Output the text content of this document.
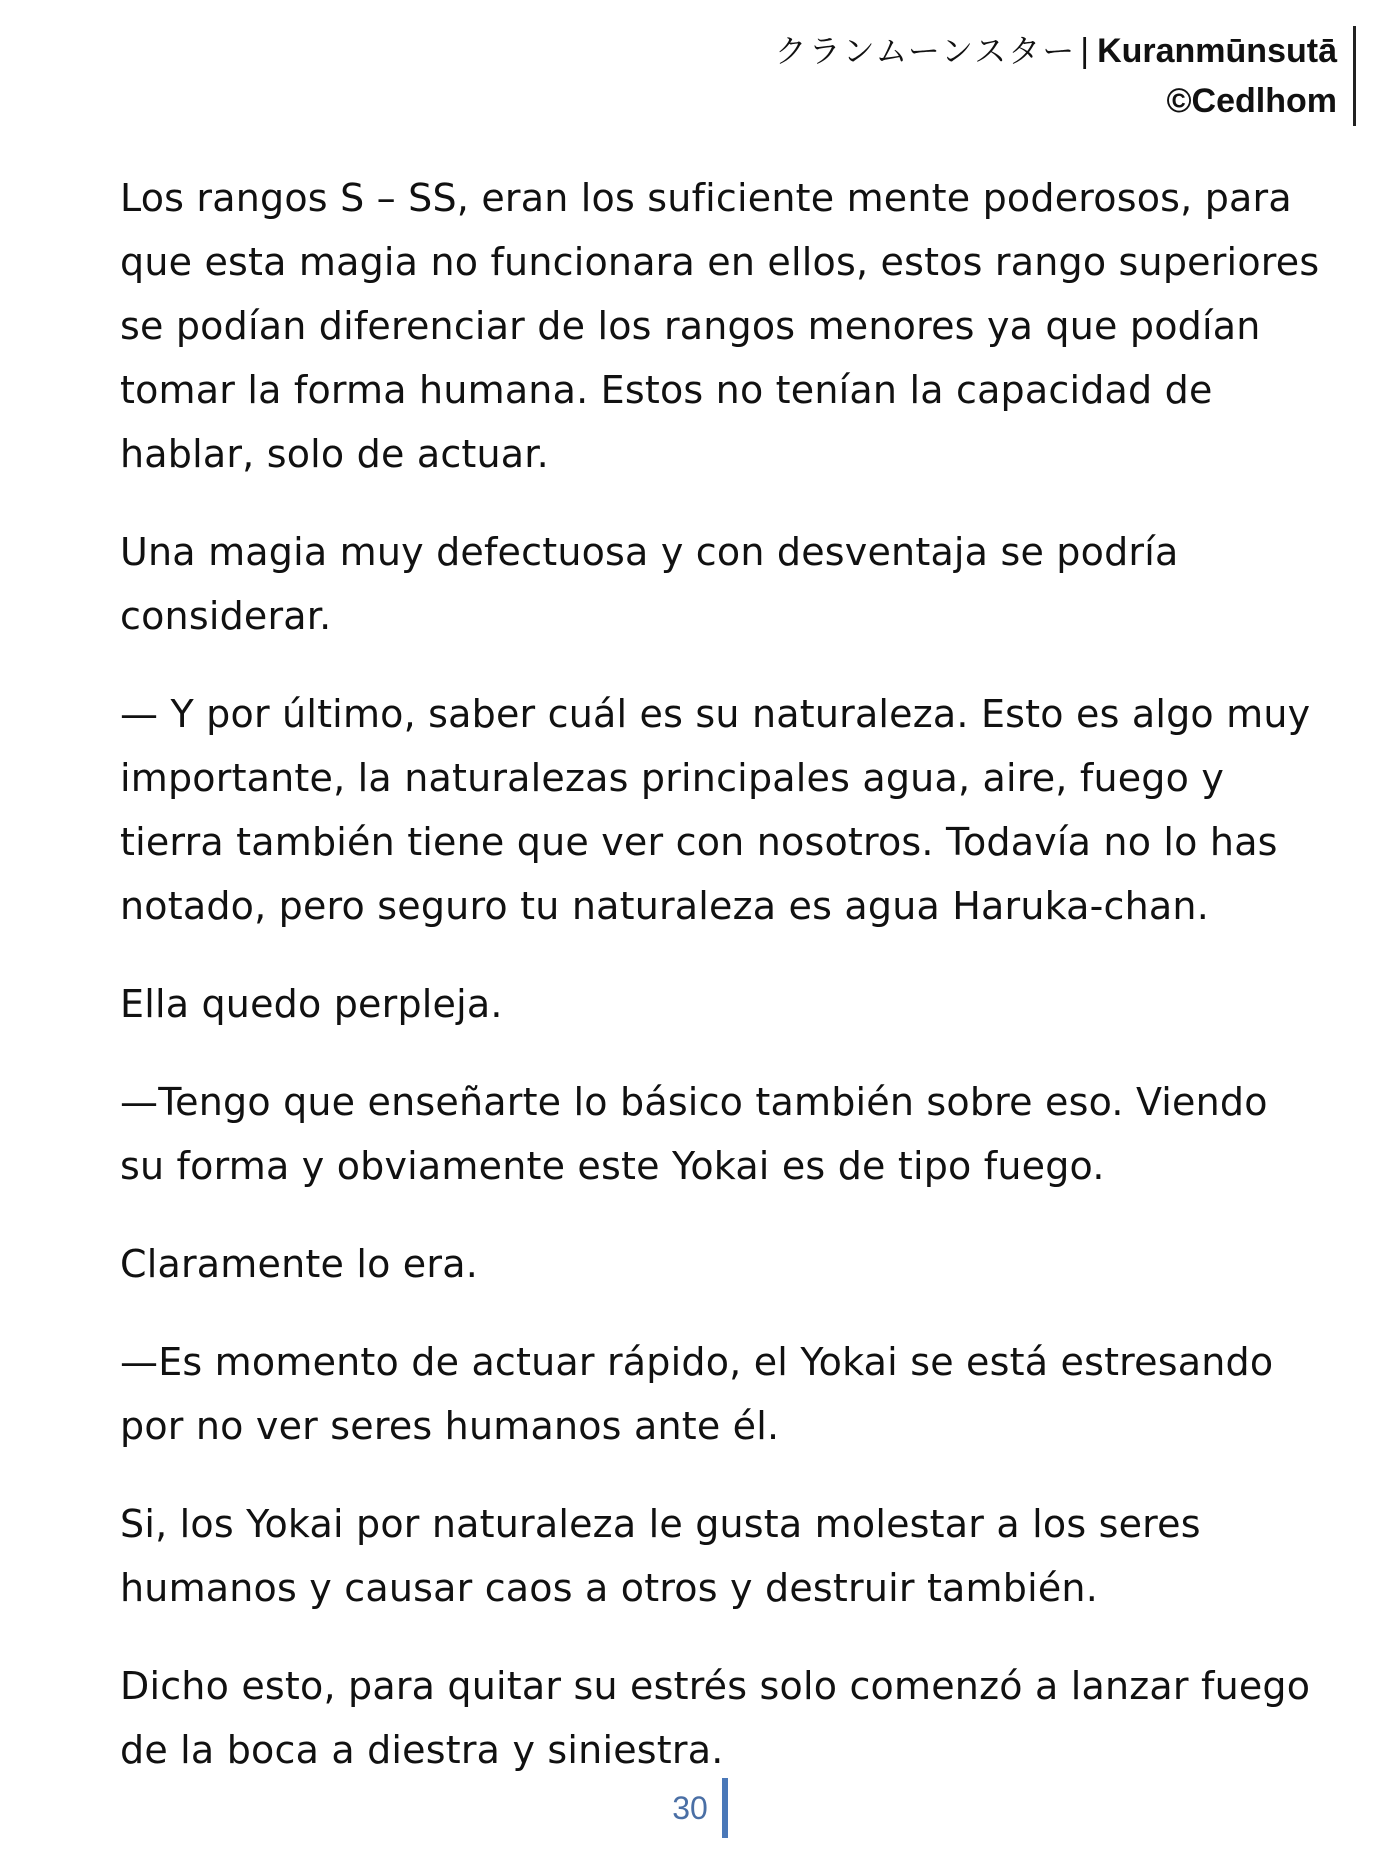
クランムーンスター | Kuranmūnsutā
©Cedlhom

Los rangos S – SS, eran los suficiente mente poderosos, para que esta magia no funcionara en ellos, estos rango superiores se podían diferenciar de los rangos menores ya que podían tomar la forma humana. Estos no tenían la capacidad de hablar, solo de actuar.

Una magia muy defectuosa y con desventaja se podría considerar.

— Y por último, saber cuál es su naturaleza. Esto es algo muy importante, la naturalezas principales agua, aire, fuego y tierra también tiene que ver con nosotros. Todavía no lo has notado, pero seguro tu naturaleza es agua Haruka-chan.

Ella quedo perpleja.

—Tengo que enseñarte lo básico también sobre eso. Viendo su forma y obviamente este Yokai es de tipo fuego.

Claramente lo era.

—Es momento de actuar rápido, el Yokai se está estresando por no ver seres humanos ante él.

Si, los Yokai por naturaleza le gusta molestar a los seres humanos y causar caos a otros y destruir también.

Dicho esto, para quitar su estrés solo comenzó a lanzar fuego de la boca a diestra y siniestra.

30
